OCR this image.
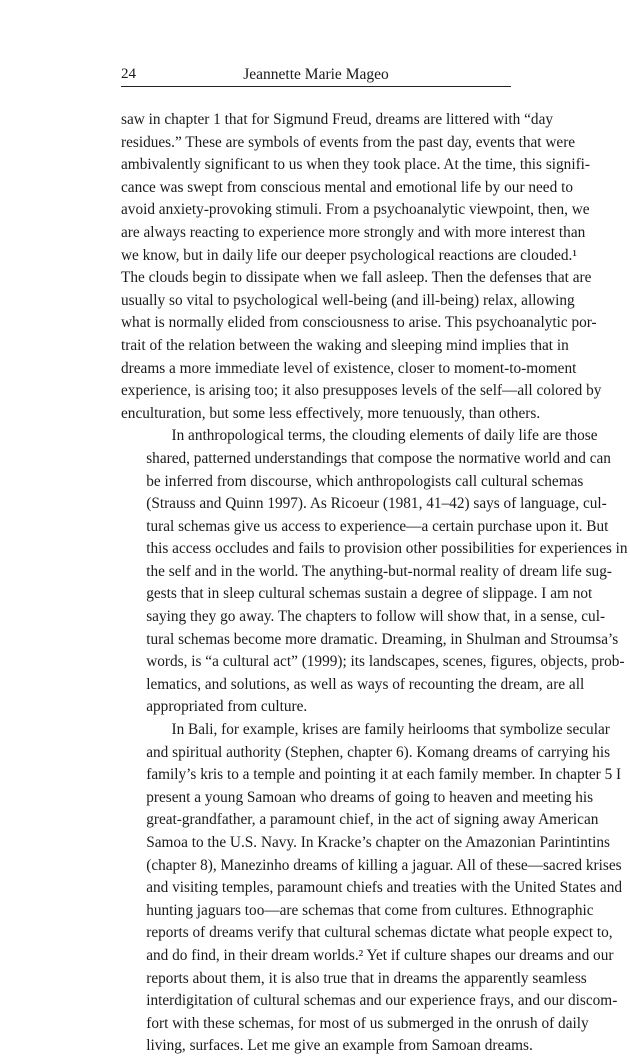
24	Jeannette Marie Mageo

saw in chapter 1 that for Sigmund Freud, dreams are littered with “day
residues.” These are symbols of events from the past day, events that were
ambivalently significant to us when they took place. At the time, this signifi-
cance was swept from conscious mental and emotional life by our need to
avoid anxiety-provoking stimuli. From a psychoanalytic viewpoint, then, we
are always reacting to experience more strongly and with more interest than
we know, but in daily life our deeper psychological reactions are clouded.¹
The clouds begin to dissipate when we fall asleep. Then the defenses that are
usually so vital to psychological well-being (and ill-being) relax, allowing
what is normally elided from consciousness to arise. This psychoanalytic por-
trait of the relation between the waking and sleeping mind implies that in
dreams a more immediate level of existence, closer to moment-to-moment
experience, is arising too; it also presupposes levels of the self—all colored by
enculturation, but some less effectively, more tenuously, than others.

In anthropological terms, the clouding elements of daily life are those
shared, patterned understandings that compose the normative world and can
be inferred from discourse, which anthropologists call cultural schemas
(Strauss and Quinn 1997). As Ricoeur (1981, 41–42) says of language, cul-
tural schemas give us access to experience—a certain purchase upon it. But
this access occludes and fails to provision other possibilities for experiences in
the self and in the world. The anything-but-normal reality of dream life sug-
gests that in sleep cultural schemas sustain a degree of slippage. I am not
saying they go away. The chapters to follow will show that, in a sense, cul-
tural schemas become more dramatic. Dreaming, in Shulman and Stroumsa’s
words, is “a cultural act” (1999); its landscapes, scenes, figures, objects, prob-
lematics, and solutions, as well as ways of recounting the dream, are all
appropriated from culture.

In Bali, for example, krises are family heirlooms that symbolize secular
and spiritual authority (Stephen, chapter 6). Komang dreams of carrying his
family’s kris to a temple and pointing it at each family member. In chapter 5 I
present a young Samoan who dreams of going to heaven and meeting his
great-grandfather, a paramount chief, in the act of signing away American
Samoa to the U.S. Navy. In Kracke’s chapter on the Amazonian Parintintins
(chapter 8), Manezinho dreams of killing a jaguar. All of these—sacred krises
and visiting temples, paramount chiefs and treaties with the United States and
hunting jaguars too—are schemas that come from cultures. Ethnographic
reports of dreams verify that cultural schemas dictate what people expect to,
and do find, in their dream worlds.² Yet if culture shapes our dreams and our
reports about them, it is also true that in dreams the apparently seamless
interdigitation of cultural schemas and our experience frays, and our discom-
fort with these schemas, for most of us submerged in the onrush of daily
living, surfaces. Let me give an example from Samoan dreams.
